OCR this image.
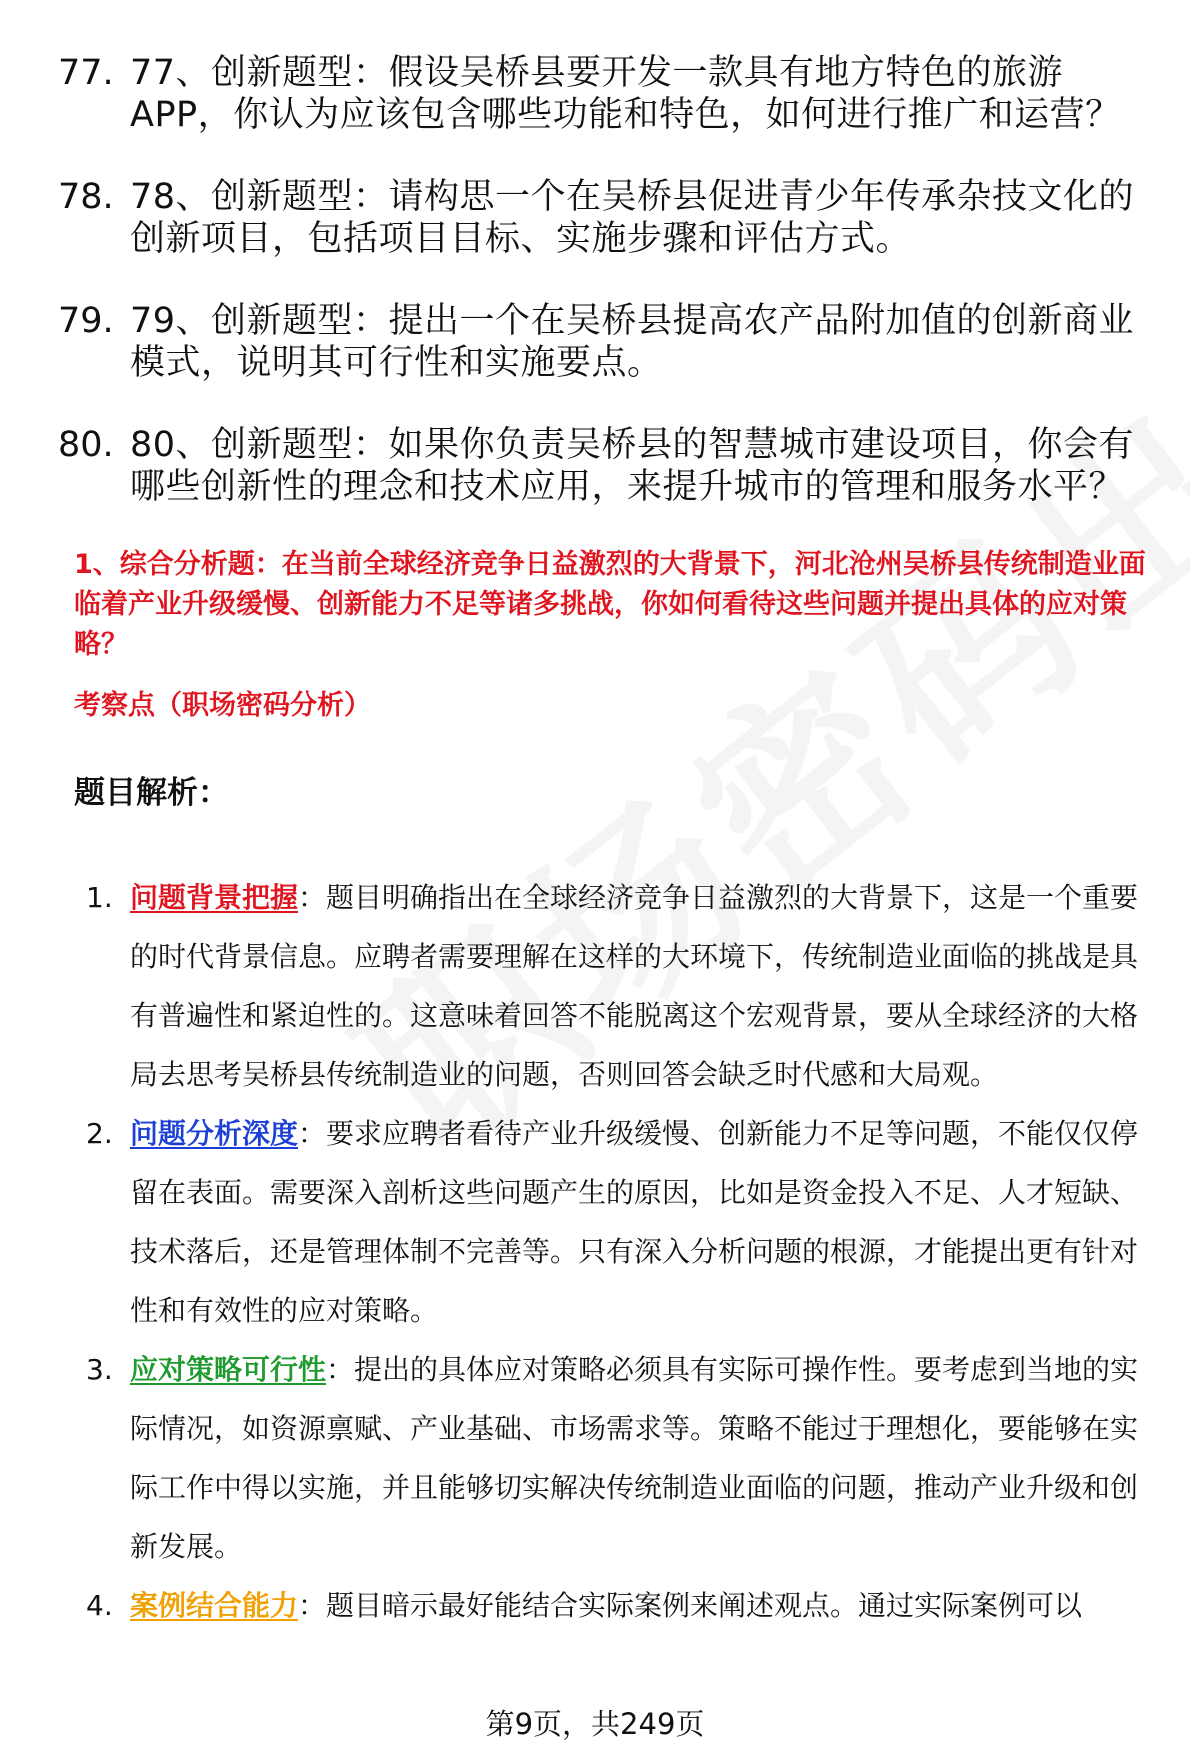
77. 77、创新题型：假设吴桥县要开发一款具有地方特色的旅游APP，你认为应该包含哪些功能和特色，如何进行推广和运营？
78. 78、创新题型：请构思一个在吴桥县促进青少年传承杂技文化的创新项目，包括项目目标、实施步骤和评估方式。
79. 79、创新题型：提出一个在吴桥县提高农产品附加值的创新商业模式，说明其可行性和实施要点。
80. 80、创新题型：如果你负责吴桥县的智慧城市建设项目，你会有哪些创新性的理念和技术应用，来提升城市的管理和服务水平？
1、综合分析题：在当前全球经济竞争日益激烈的大背景下，河北沧州吴桥县传统制造业面临着产业升级缓慢、创新能力不足等诸多挑战，你如何看待这些问题并提出具体的应对策略？
考察点（职场密码分析）
题目解析：
1. 问题背景把握：题目明确指出在全球经济竞争日益激烈的大背景下，这是一个重要的时代背景信息。应聘者需要理解在这样的大环境下，传统制造业面临的挑战是具有普遍性和紧迫性的。这意味着回答不能脱离这个宏观背景，要从全球经济的大格局去思考吴桥县传统制造业的问题，否则回答会缺乏时代感和大局观。
2. 问题分析深度：要求应聘者看待产业升级缓慢、创新能力不足等问题，不能仅仅停留在表面。需要深入剖析这些问题产生的原因，比如是资金投入不足、人才短缺、技术落后，还是管理体制不完善等。只有深入分析问题的根源，才能提出更有针对性和有效性的应对策略。
3. 应对策略可行性：提出的具体应对策略必须具有实际可操作性。要考虑到当地的实际情况，如资源禀赋、产业基础、市场需求等。策略不能过于理想化，要能够在实际工作中得以实施，并且能够切实解决传统制造业面临的问题，推动产业升级和创新发展。
4. 案例结合能力：题目暗示最好能结合实际案例来阐述观点。通过实际案例可以
第9页，共249页
